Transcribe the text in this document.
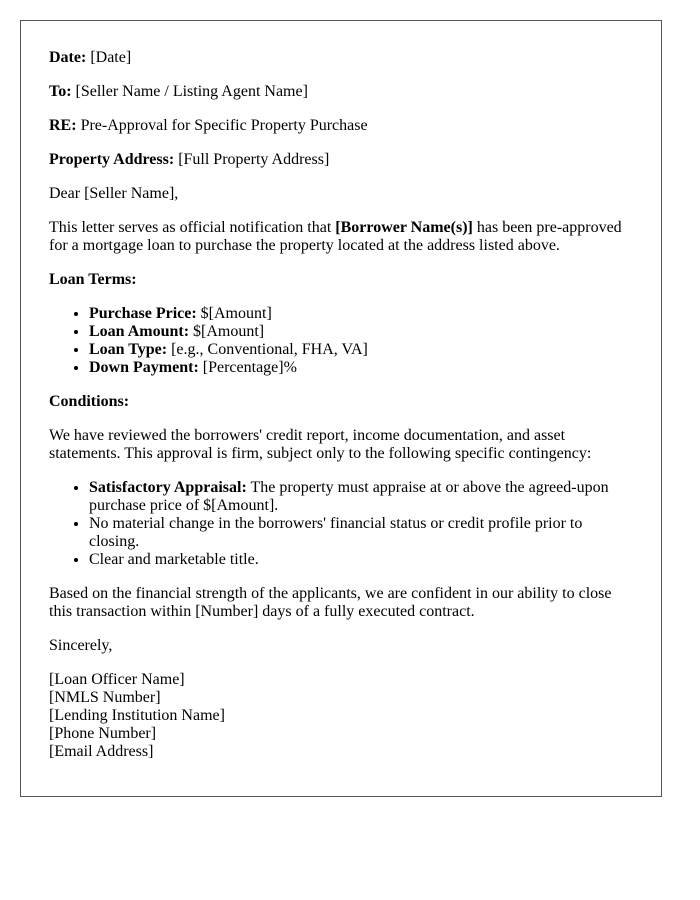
Date: [Date]

To: [Seller Name / Listing Agent Name]

RE: Pre-Approval for Specific Property Purchase

Property Address: [Full Property Address]

Dear [Seller Name],

This letter serves as official notification that [Borrower Name(s)] has been pre-approved for a mortgage loan to purchase the property located at the address listed above.

Loan Terms:

• Purchase Price: $[Amount]
• Loan Amount: $[Amount]
• Loan Type: [e.g., Conventional, FHA, VA]
• Down Payment: [Percentage]%

Conditions:

We have reviewed the borrowers' credit report, income documentation, and asset statements. This approval is firm, subject only to the following specific contingency:

• Satisfactory Appraisal: The property must appraise at or above the agreed-upon purchase price of $[Amount].
• No material change in the borrowers' financial status or credit profile prior to closing.
• Clear and marketable title.

Based on the financial strength of the applicants, we are confident in our ability to close this transaction within [Number] days of a fully executed contract.

Sincerely,

[Loan Officer Name]

[NMLS Number]

[Lending Institution Name]

[Phone Number]

[Email Address]
